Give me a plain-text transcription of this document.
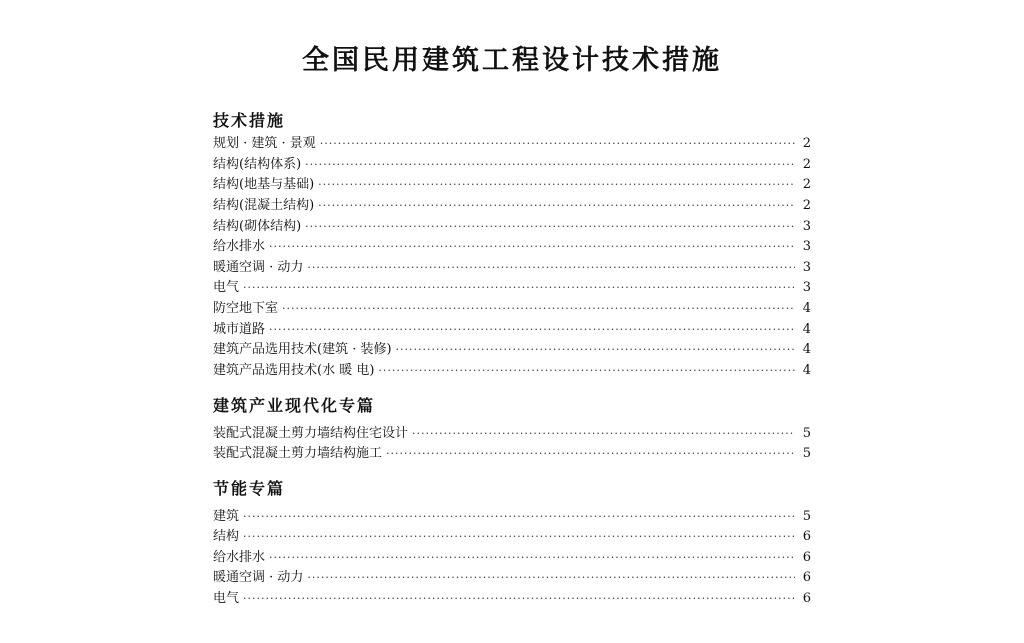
全国民用建筑工程设计技术措施
技术措施
规划 · 建筑 · 景观 ·····	2
结构(结构体系) ·····	2
结构(地基与基础) ·····	2
结构(混凝土结构) ·····	2
结构(砌体结构) ·····	3
给水排水 ·····	3
暖通空调 · 动力 ·····	3
电气 ·····	3
防空地下室 ·····	4
城市道路 ·····	4
建筑产品选用技术(建筑 · 装修) ·····	4
建筑产品选用技术(水 暖 电) ·····	4
建筑产业现代化专篇
装配式混凝土剪力墙结构住宅设计 ·····	5
装配式混凝土剪力墙结构施工 ·····	5
节能专篇
建筑 ·····	5
结构 ·····	6
给水排水 ·····	6
暖通空调 · 动力 ·····	6
电气 ·····	6
